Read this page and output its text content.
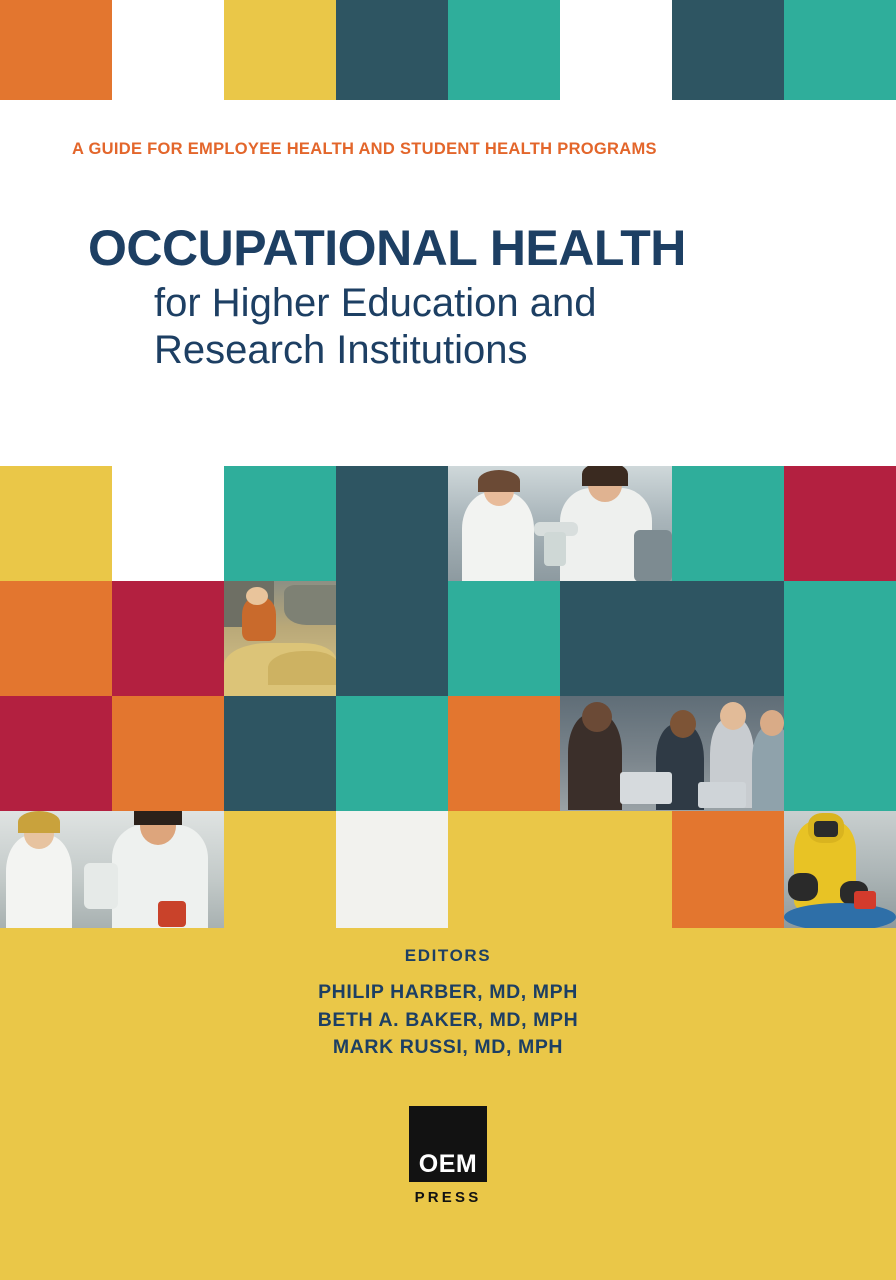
A GUIDE FOR EMPLOYEE HEALTH AND STUDENT HEALTH PROGRAMS
OCCUPATIONAL HEALTH
for Higher Education and
Research Institutions
EDITORS
PHILIP HARBER, MD, MPH
BETH A. BAKER, MD, MPH
MARK RUSSI, MD, MPH
OEM
PRESS
